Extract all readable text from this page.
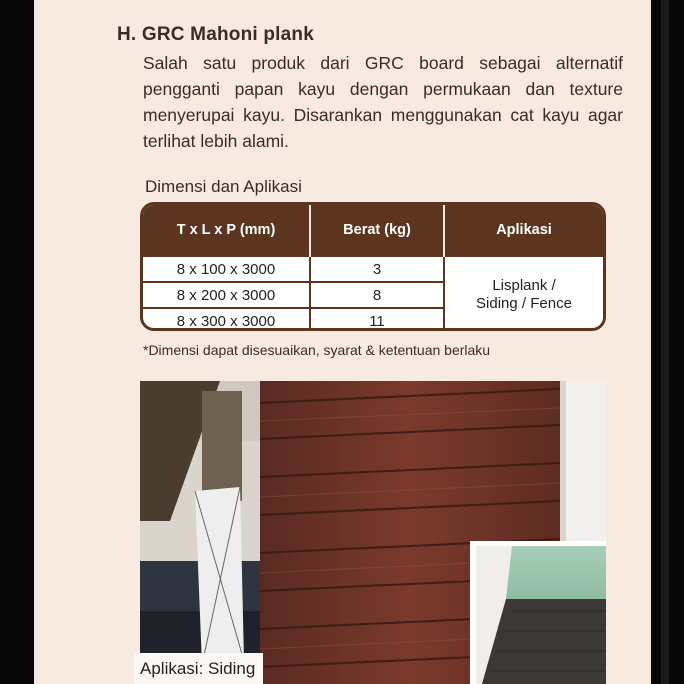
H. GRC Mahoni plank

Salah satu produk dari GRC board sebagai alternatif pengganti papan kayu dengan permukaan dan texture menyerupai kayu. Disarankan menggunakan cat kayu agar terlihat lebih alami.

Dimensi dan Aplikasi

T x L x P (mm)	Berat (kg)	Aplikasi
8 x 100 x 3000	3	Lisplank /
Siding / Fence
8 x 200 x 3000	8	
8 x 300 x 3000	11	

*Dimensi dapat disesuaikan, syarat & ketentuan berlaku

Aplikasi: Siding
